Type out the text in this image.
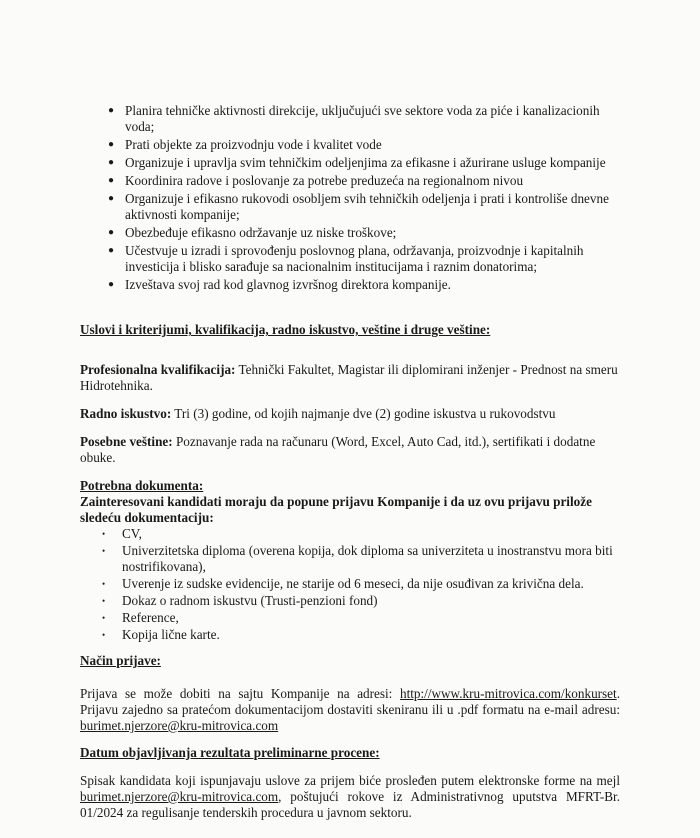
● Planira tehničke aktivnosti direkcije, uključujući sve sektore voda za piće i kanalizacionih voda;
● Prati objekte za proizvodnju vode i kvalitet vode
● Organizuje i upravlja svim tehničkim odeljenjima za efikasne i ažurirane usluge kompanije
● Koordinira radove i poslovanje za potrebe preduzeća na regionalnom nivou
● Organizuje i efikasno rukovodi osobljem svih tehničkih odeljenja i prati i kontroliše dnevne aktivnosti kompanije;
● Obezbeđuje efikasno održavanje uz niske troškove;
● Učestvuje u izradi i sprovođenju poslovnog plana, održavanja, proizvodnje i kapitalnih investicija i blisko sarađuje sa nacionalnim institucijama i raznim donatorima;
● Izveštava svoj rad kod glavnog izvršnog direktora kompanije.
Uslovi i kriterijumi, kvalifikacija, radno iskustvo, veštine i druge veštine:
Profesionalna kvalifikacija: Tehnički Fakultet, Magistar ili diplomirani inženjer - Prednost na smeru Hidrotehnika.
Radno iskustvo: Tri (3) godine, od kojih najmanje dve (2) godine iskustva u rukovodstvu
Posebne veštine: Poznavanje rada na računaru (Word, Excel, Auto Cad, itd.), sertifikati i dodatne obuke.
Potrebna dokumenta:
Zainteresovani kandidati moraju da popune prijavu Kompanije i da uz ovu prijavu prilože sledeću dokumentaciju:
• CV,
• Univerzitetska diploma (overena kopija, dok diploma sa univerziteta u inostranstvu mora biti nostrifikovana),
• Uverenje iz sudske evidencije, ne starije od 6 meseci, da nije osuđivan za krivična dela.
• Dokaz o radnom iskustvu (Trusti-penzioni fond)
• Reference,
• Kopija lične karte.
Način prijave:
Prijava se može dobiti na sajtu Kompanije na adresi: http://www.kru-mitrovica.com/konkurset. Prijavu zajedno sa pratećom dokumentacijom dostaviti skeniranu ili u .pdf formatu na e-mail adresu: burimet.njerzore@kru-mitrovica.com
Datum objavljivanja rezultata preliminarne procene:
Spisak kandidata koji ispunjavaju uslove za prijem biće prosleđen putem elektronske forme na mejl burimet.njerzore@kru-mitrovica.com, poštujući rokove iz Administrativnog uputstva MFRT-Br. 01/2024 za regulisanje tenderskih procedura u javnom sektoru.
